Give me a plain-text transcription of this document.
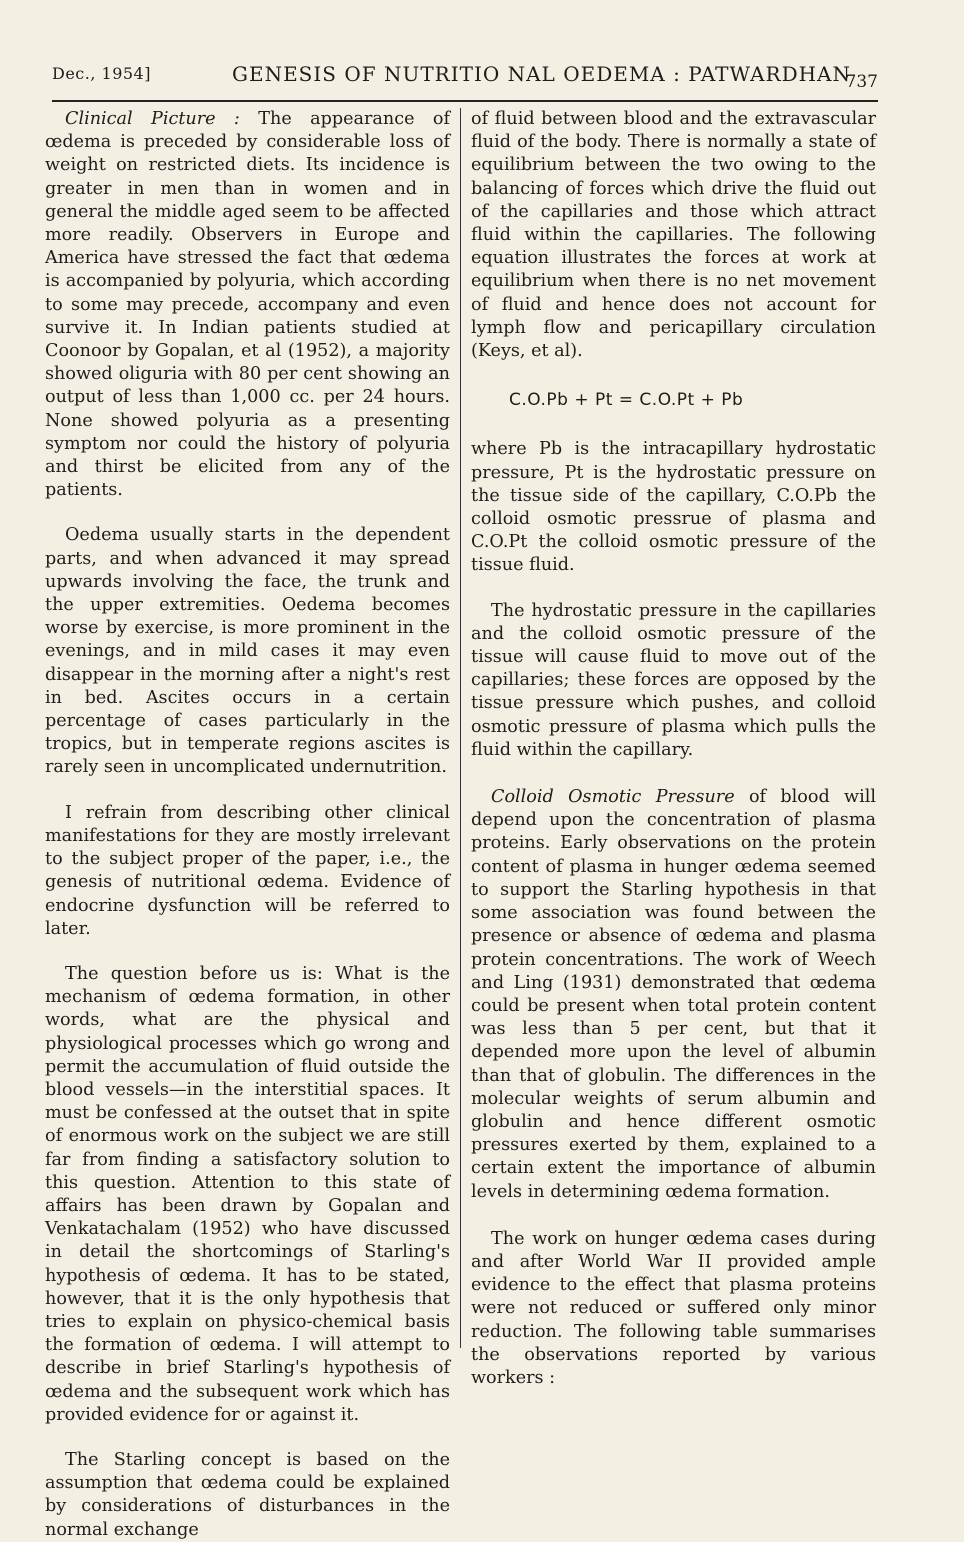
Dec., 1954]	GENESIS OF NUTRITIO NAL OEDEMA : PATWARDHAN
737

Clinical Picture : The appearance of œdema is preceded by considerable loss of weight on restricted diets. Its incidence is greater in men than in women and in general the middle aged seem to be affected more readily. Observers in Europe and America have stressed the fact that œdema is accompanied by polyuria, which according to some may precede, accompany and even survive it. In Indian patients studied at Coonoor by Gopalan, et al (1952), a majority showed oliguria with 80 per cent showing an output of less than 1,000 cc. per 24 hours. None showed polyuria as a presenting symptom nor could the history of polyuria and thirst be elicited from any of the patients.

Oedema usually starts in the dependent parts, and when advanced it may spread upwards involving the face, the trunk and the upper extremities. Oedema becomes worse by exercise, is more prominent in the evenings, and in mild cases it may even disappear in the morning after a night's rest in bed. Ascites occurs in a certain percentage of cases particularly in the tropics, but in temperate regions ascites is rarely seen in uncomplicated undernutrition.

I refrain from describing other clinical manifestations for they are mostly irrelevant to the subject proper of the paper, i.e., the genesis of nutritional œdema. Evidence of endocrine dysfunction will be referred to later.

The question before us is: What is the mechanism of œdema formation, in other words, what are the physical and physiological processes which go wrong and permit the accumulation of fluid outside the blood vessels—in the interstitial spaces. It must be confessed at the outset that in spite of enormous work on the subject we are still far from finding a satisfactory solution to this question. Attention to this state of affairs has been drawn by Gopalan and Venkatachalam (1952) who have discussed in detail the shortcomings of Starling's hypothesis of œdema. It has to be stated, however, that it is the only hypothesis that tries to explain on physico-chemical basis the formation of œdema. I will attempt to describe in brief Starling's hypothesis of œdema and the subsequent work which has provided evidence for or against it.

The Starling concept is based on the assumption that œdema could be explained by considerations of disturbances in the normal exchange

of fluid between blood and the extravascular fluid of the body. There is normally a state of equilibrium between the two owing to the balancing of forces which drive the fluid out of the capillaries and those which attract fluid within the capillaries. The following equation illustrates the forces at work at equilibrium when there is no net movement of fluid and hence does not account for lymph flow and pericapillary circulation (Keys, et al).

C.O.Pb + Pt = C.O.Pt + Pb

where Pb is the intracapillary hydrostatic pressure, Pt is the hydrostatic pressure on the tissue side of the capillary, C.O.Pb the colloid osmotic pressrue of plasma and C.O.Pt the colloid osmotic pressure of the tissue fluid.

The hydrostatic pressure in the capillaries and the colloid osmotic pressure of the tissue will cause fluid to move out of the capillaries; these forces are opposed by the tissue pressure which pushes, and colloid osmotic pressure of plasma which pulls the fluid within the capillary.

Colloid Osmotic Pressure of blood will depend upon the concentration of plasma proteins. Early observations on the protein content of plasma in hunger œdema seemed to support the Starling hypothesis in that some association was found between the presence or absence of œdema and plasma protein concentrations. The work of Weech and Ling (1931) demonstrated that œdema could be present when total protein content was less than 5 per cent, but that it depended more upon the level of albumin than that of globulin. The differences in the molecular weights of serum albumin and globulin and hence different osmotic pressures exerted by them, explained to a certain extent the importance of albumin levels in determining œdema formation.

The work on hunger œdema cases during and after World War II provided ample evidence to the effect that plasma proteins were not reduced or suffered only minor reduction. The following table summarises the observations reported by various workers :
